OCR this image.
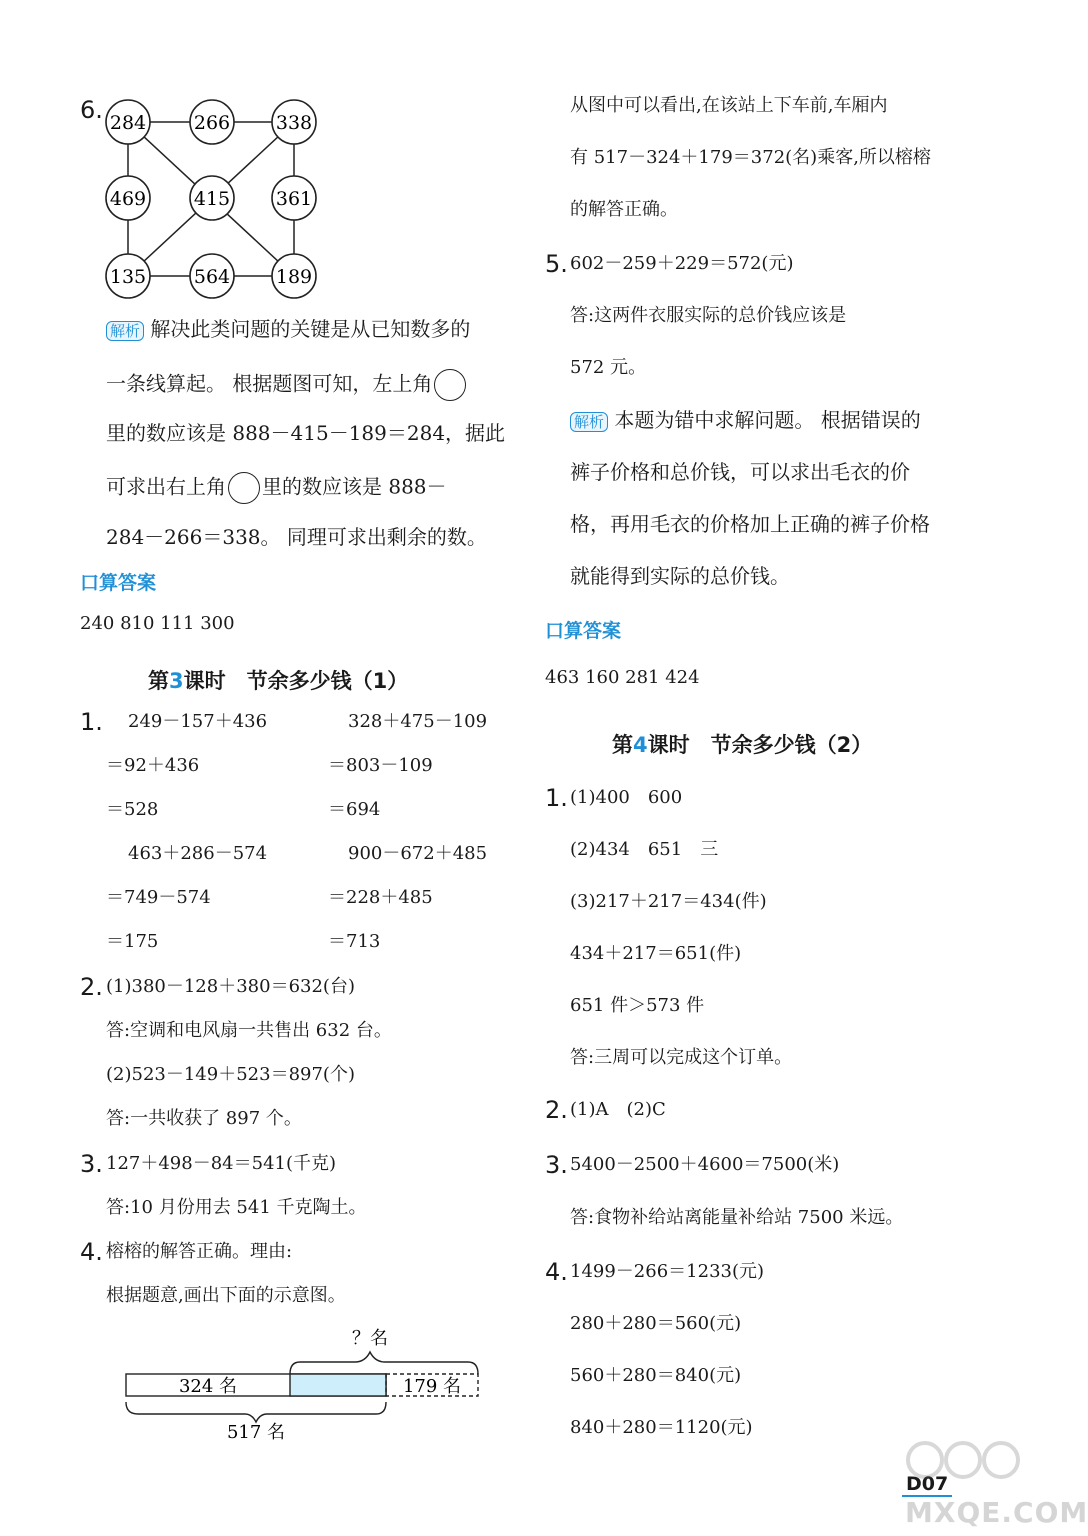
6. 284	266 338
469	415 361
135	564 189
解析 解决此类问题的关键是从已知数多的
一条线算起。 根据题图可知，左上角
里的数应该是 888－415－189＝284，据此
可求出右上角 里的数应该是 888－
284－266＝338。 同理可求出剩余的数。
口算答案
240 810 111 300
第3课时　节余多少钱（1）
1. 249－157＋436
＝92＋436
＝528
463＋286－574
＝749－574
＝175
328＋475－109
＝803－109
＝694
900－672＋485
＝228＋485
＝713
2. (1)380－128＋380＝632(台)
答:空调和电风扇一共售出 632 台。
(2)523－149＋523＝897(个)
答:一共收获了 897 个。
3. 127＋498－84＝541(千克)
答:10 月份用去 541 千克陶土。
4. 榕榕的解答正确。理由:
根据题意,画出下面的示意图。
？名
324 名	179 名
517 名
从图中可以看出,在该站上下车前,车厢内
有 517－324＋179＝372(名)乘客,所以榕榕
的解答正确。
5. 602－259＋229＝572(元)
答:这两件衣服实际的总价钱应该是
572 元。
解析 本题为错中求解问题。 根据错误的
裤子价格和总价钱，可以求出毛衣的价
格，再用毛衣的价格加上正确的裤子价格
就能得到实际的总价钱。
口算答案
463 160 281 424
第4课时　节余多少钱（2）
1. (1)400　600
(2)434　651　三
(3)217＋217＝434(件)
434＋217＝651(件)
651 件＞573 件
答:三周可以完成这个订单。
2. (1)A　(2)C
3. 5400－2500＋4600＝7500(米)
答:食物补给站离能量补给站 7500 米远。
4. 1499－266＝1233(元)
280＋280＝560(元)
560＋280＝840(元)
840＋280＝1120(元)
D07
MXQE.COM
